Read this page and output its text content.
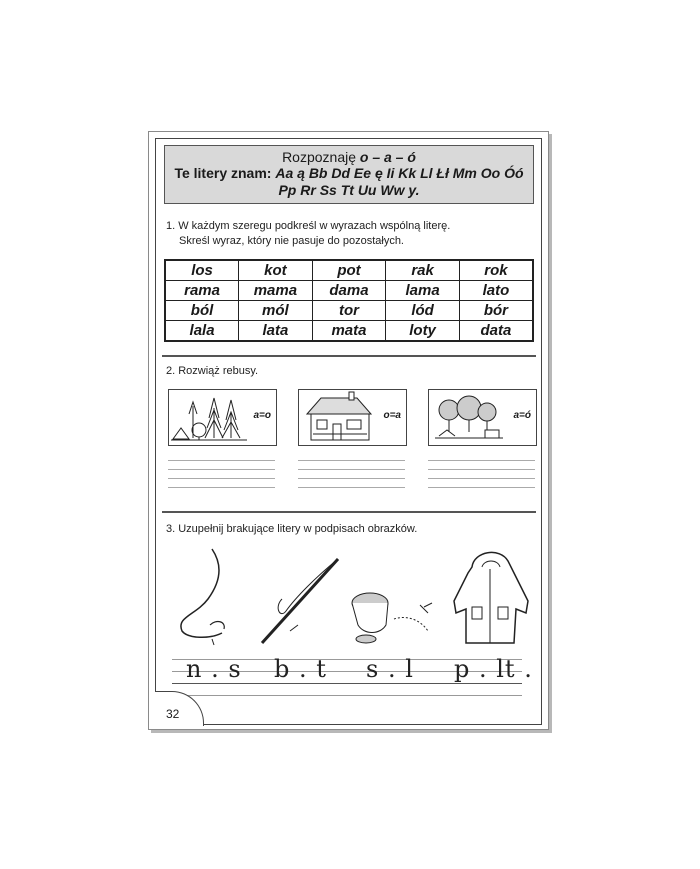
Rozpoznaję o – a – ó
Te litery znam: Aa ą Bb Dd Ee ę Ii Kk Ll Łł Mm Oo Óó Pp Rr Ss Tt Uu Ww y.
1. W każdym szeregu podkreśl w wyrazach wspólną literę.
Skreśl wyraz, który nie pasuje do pozostałych.
los	kot	pot	rak	rok
rama	mama	dama	lama	lato
ból	mól	tor	lód	bór
lala	lata	mata	loty	data
2. Rozwiąż rebusy.
a=o	o=a	a=ó
3. Uzupełnij brakujące litery w podpisach obrazków.
n . s b . t s . l p . lt .
32
